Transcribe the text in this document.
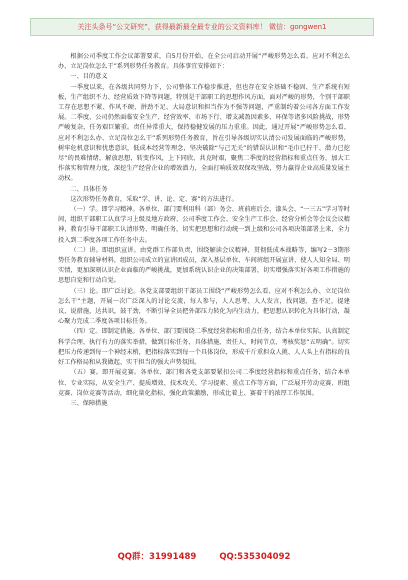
关注头条号“公文研究”，获得最新最全最专业的公文资料库！ 微信：gongwen1

根据公司季度工作会议部署要求，自5月份开始，在全公司启动开展“严峻形势怎么看、应对不利怎么办、立足岗位怎么干”系列形势任务教育。具体事宜安排如下：

一、目的意义

一季度以来，在各级共同努力下，公司整体工作稳步推进，但也存在安全基础不稳固、生产系统有短板，生产组织不力、经营质效下降等问题，特别是干部职工的思想作风方面，面对严峻的形势，个别干部职工存在思想不紧、作风不硬、拼劲不足、大局意识和担当作为不强等问题，严重制约着公司各方面工作发展。二季度，公司仍然面临安全生产、经营效率、市场下行、增支减盈因素多、环保等诸多风险挑战，形势严峻复杂，任务艰巨繁重。责任异常重大，保持稳健发展的压力重重。因此，通过开展“严峻形势怎么看、应对不利怎么办、立足岗位怎么干”系列形势任务教育，旨在引导各级切实认清公司发展面临的严峻形势，树牢危机意识和忧患意识，低成本经营等理念，坚决破除“与己无关”的错误认识和“毛巾已拧干、潜力已挖尽”的畏难情绪，解放思想，转变作风，上下同欣、共克时艰，聚焦二季度的经营指标和重点任务，加大工作落实和管理力度，深挖生产经营企业的增效潜力，全面打响质效双保攻坚战，努力赢得企业高质量发展主动权。

二、具体任务

这次形势任务教育，采取“学、讲、论、定、赛”的方法进行。

（一）学。即学习精神。各单位、部门要利用科（部）务会、班前班后会、漆头会、“一三五”学习等时间，组织干部职工认真学习上级及地方政府、公司季度工作会、安全生产工作会、经营分析会等会议会议精神，教育引导干部职工认清形势、明确任务，切实把思想和行动统一到上级和公司各项决策部署上来，全力投入到二季度各项工作任务中去。

（二）讲。即组织宣讲。由党群工作部负责，围绕解读会议精神、贯彻低成本战略等，编写2－3期形势任务教育辅导材料，组织公司成立的宣讲团成员，深入基层单位、车间班组开展宣讲，使人人知全局、明实情，更加深刻认识企业面临的严峻挑战，更加系统认识企业的决策部署，切实增强落实好各项工作措施的思想自觉和行动自觉。

（三）论。即广泛讨论。各党支部要组织干部员工围绕“严峻形势怎么看、应对不利怎么办、立足岗位怎么干”主题，开展一次广泛深入的讨论交流，每人参与，人人思考、人人发言，找问题、查不足，提建议、说措施，达共识，鼓干劲，不断引导全员把外部压力转化为内生动力，把思想认识转化为具体行动，凝心聚力完成二季度各项目标任务。

（四）定。即制定措施。各单位、部门要围绕二季度经营指标和重点任务，结合本单位实际，认真制定科学合理、执行有力的落实举措，做到目标任务、具体措施、责任人、时间节点、考核奖惩“五明确”。切实把压力传递到每一个神经末梢，把指标落实到每一个具体岗位，形成千斤重担众人挑、人人头上有指标的良好工作格局和从我做起、实干担当的强大声势氛围。

（五）赛。即开展竞赛。各单位、部门和各党支部要紧扣公司二季度经营指标和重点任务，结合本单位、专业实际，从安全生产、提质增效、技术攻关、学习提素、重点工作等方面，广泛展开劳动竞赛、班组竞赛、岗位竞赛等活动，细化量化指标，强化政策激励，形成比着上、赛着干的浓厚工作氛围。

三、保障措施

QQ群：31991489	QQ:535304092
